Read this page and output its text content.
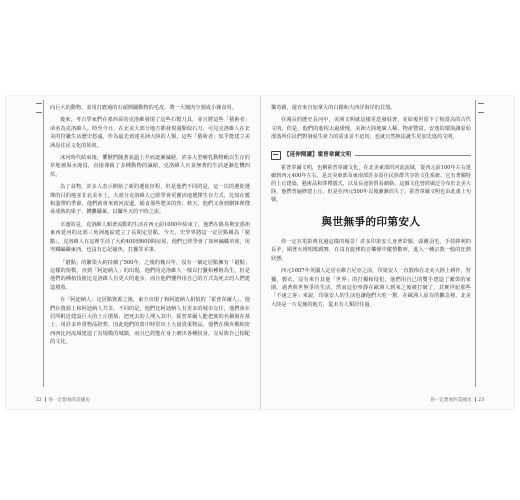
向巨大的動物，並用打磨過的石頭開闢動物的毛皮，將一大塊肉分割成小塊食用。

後來，考古學家們在墨西哥的克洛維發現了這些石製刀具，並且將這些「藝術者」命名為克洛維人。時至今日，在北美大部分地方都發現過類似石刀，可見克洛維人在北美的狩獵生活歷史悠遠，作為最先到達美洲大陸的人類，這些「藝術者」似乎能建立美洲原住民文化的始祖。

冰河時代結束後，懼獸們隨著氣溫上升而逐漸滅絕，許多大型哺乳動物賴以生存的草地被海水淹沒，直接導致了多種動物的滅絕，克洛維人衣食無著的生活逐漸危機四伏。

為了食物，許多人表示開始了新的遷徙征程，但是他們不同的是，這一次的遷徙選擇的目的地並非北美本土。大部分克洛維人已經學會更靈活地選擇生存方式，比如在暖和溫帶的季節，他們就會來到河流邊，捕食那些肥美的魚；秋天，他們又會到樹林裡搜尋成熟的果子、鑽攤蘿萊，以攝冬天的不時之需。

幸運的是，克洛維人順著流動的生活在西元前1000年結束了，他們在路易斯安那州東西延河的北部三角洲地區建立了長期定居點。今天，史學界將這一定居點稱為「窮點」，克洛維人在這裡生活了大約400到600間房屋，他們已經學會了如何編織草席，用卑鐵編織東西，也沒有忘記捕魚，打獵等本事。

「窮點」的繁榮大約持續了500年，之後的幾百年，沒有一個定居點擁有「窮點」這樣的規模，直到「阿迪納人」的出現。他們同克洛維人一樣以打獵和種植為生，但是他們的種植技術比克洛維人有更大的進步，而且他們懂得用自己的方式為死去的人們建造墳墓。

在「阿迪納人」定居點資源之後，東方出現了和阿迪納人相似的「霍普韋爾人」。他們在資源上和阿迪納人共享，不同的是，他們比阿迪納人有更多的城市交往，他們會在居所附近建設巨大的土丘墳墓，把死去的人埋入其中。霍普韋爾人能把族的名稱刻在墓上，用許多珍貴物品陪葬，因此他們的墓中時常出土大量貴重物品，他們在俄亥俄和密西西比河流域建造了有規模的城鎮，而且已經能在身上刺出各種紋身，交易與自己相配的文化。

22 你一定想看的美國史

獨奇蹟，還有來自加拿大的白銀和大西洋海岸的貝殼。

在漫長的歷史長河中，美洲文明就這樣更迭發展著，並給後世留下了相當高的古代文明，但是，他們的進程太過緩慢，美洲大陸地廣人稀，物產豐富，安逸的環境讓原始部落所住民們對發展生產力的需求並不迫切，也就自然無法誕生更加先進的文明。

【延伸閱讀】霍普韋爾文明

霍普韋爾文明，也稱霍普韋爾文化，在北美東部的河流流域，從西元前100年左右延續到西元400年左右，是北美東部及東南部許多原住民族群共享的文化系統。它有著獨特的土丘建築、藝術品和葬禮儀式，以及長途的貿易網絡。這個文化曾經廣泛分布於北美大陸，他們普遍修建土丘，但是在西元500年以後漸漸消失了，霍普韋爾文明也由此畫上句號。

與世無爭的印第安人

你一定在電影裡見過這樣的場景！許多印第安人身著彩服，頭戴羽毛，手持鋒利的長矛，圍著火堆唱歌跳舞，在沒有旋律的音樂聲中縱情歡呼，進入一種宗教一般的狂熱狀態。

西元1607年英國人定居在維吉尼亞之前，印第安人一直散佈在北美大陸上耕作，狩獵，製衣，沒有來自其他「世界」的打擾和侵犯，他們用自己的雙手建造了繁榮的家園，過著與世無爭的生活。然而這份寧靜在歐洲人到來之後被打破了，其實世紀那些「不速之客」來說，印第安人的生活也讓他們大吃一驚，在歐洲人原有的觀念裡，北美大陸是一片荒蕪的地方，從未有人類居住過。

你一定想看的美國史 23
